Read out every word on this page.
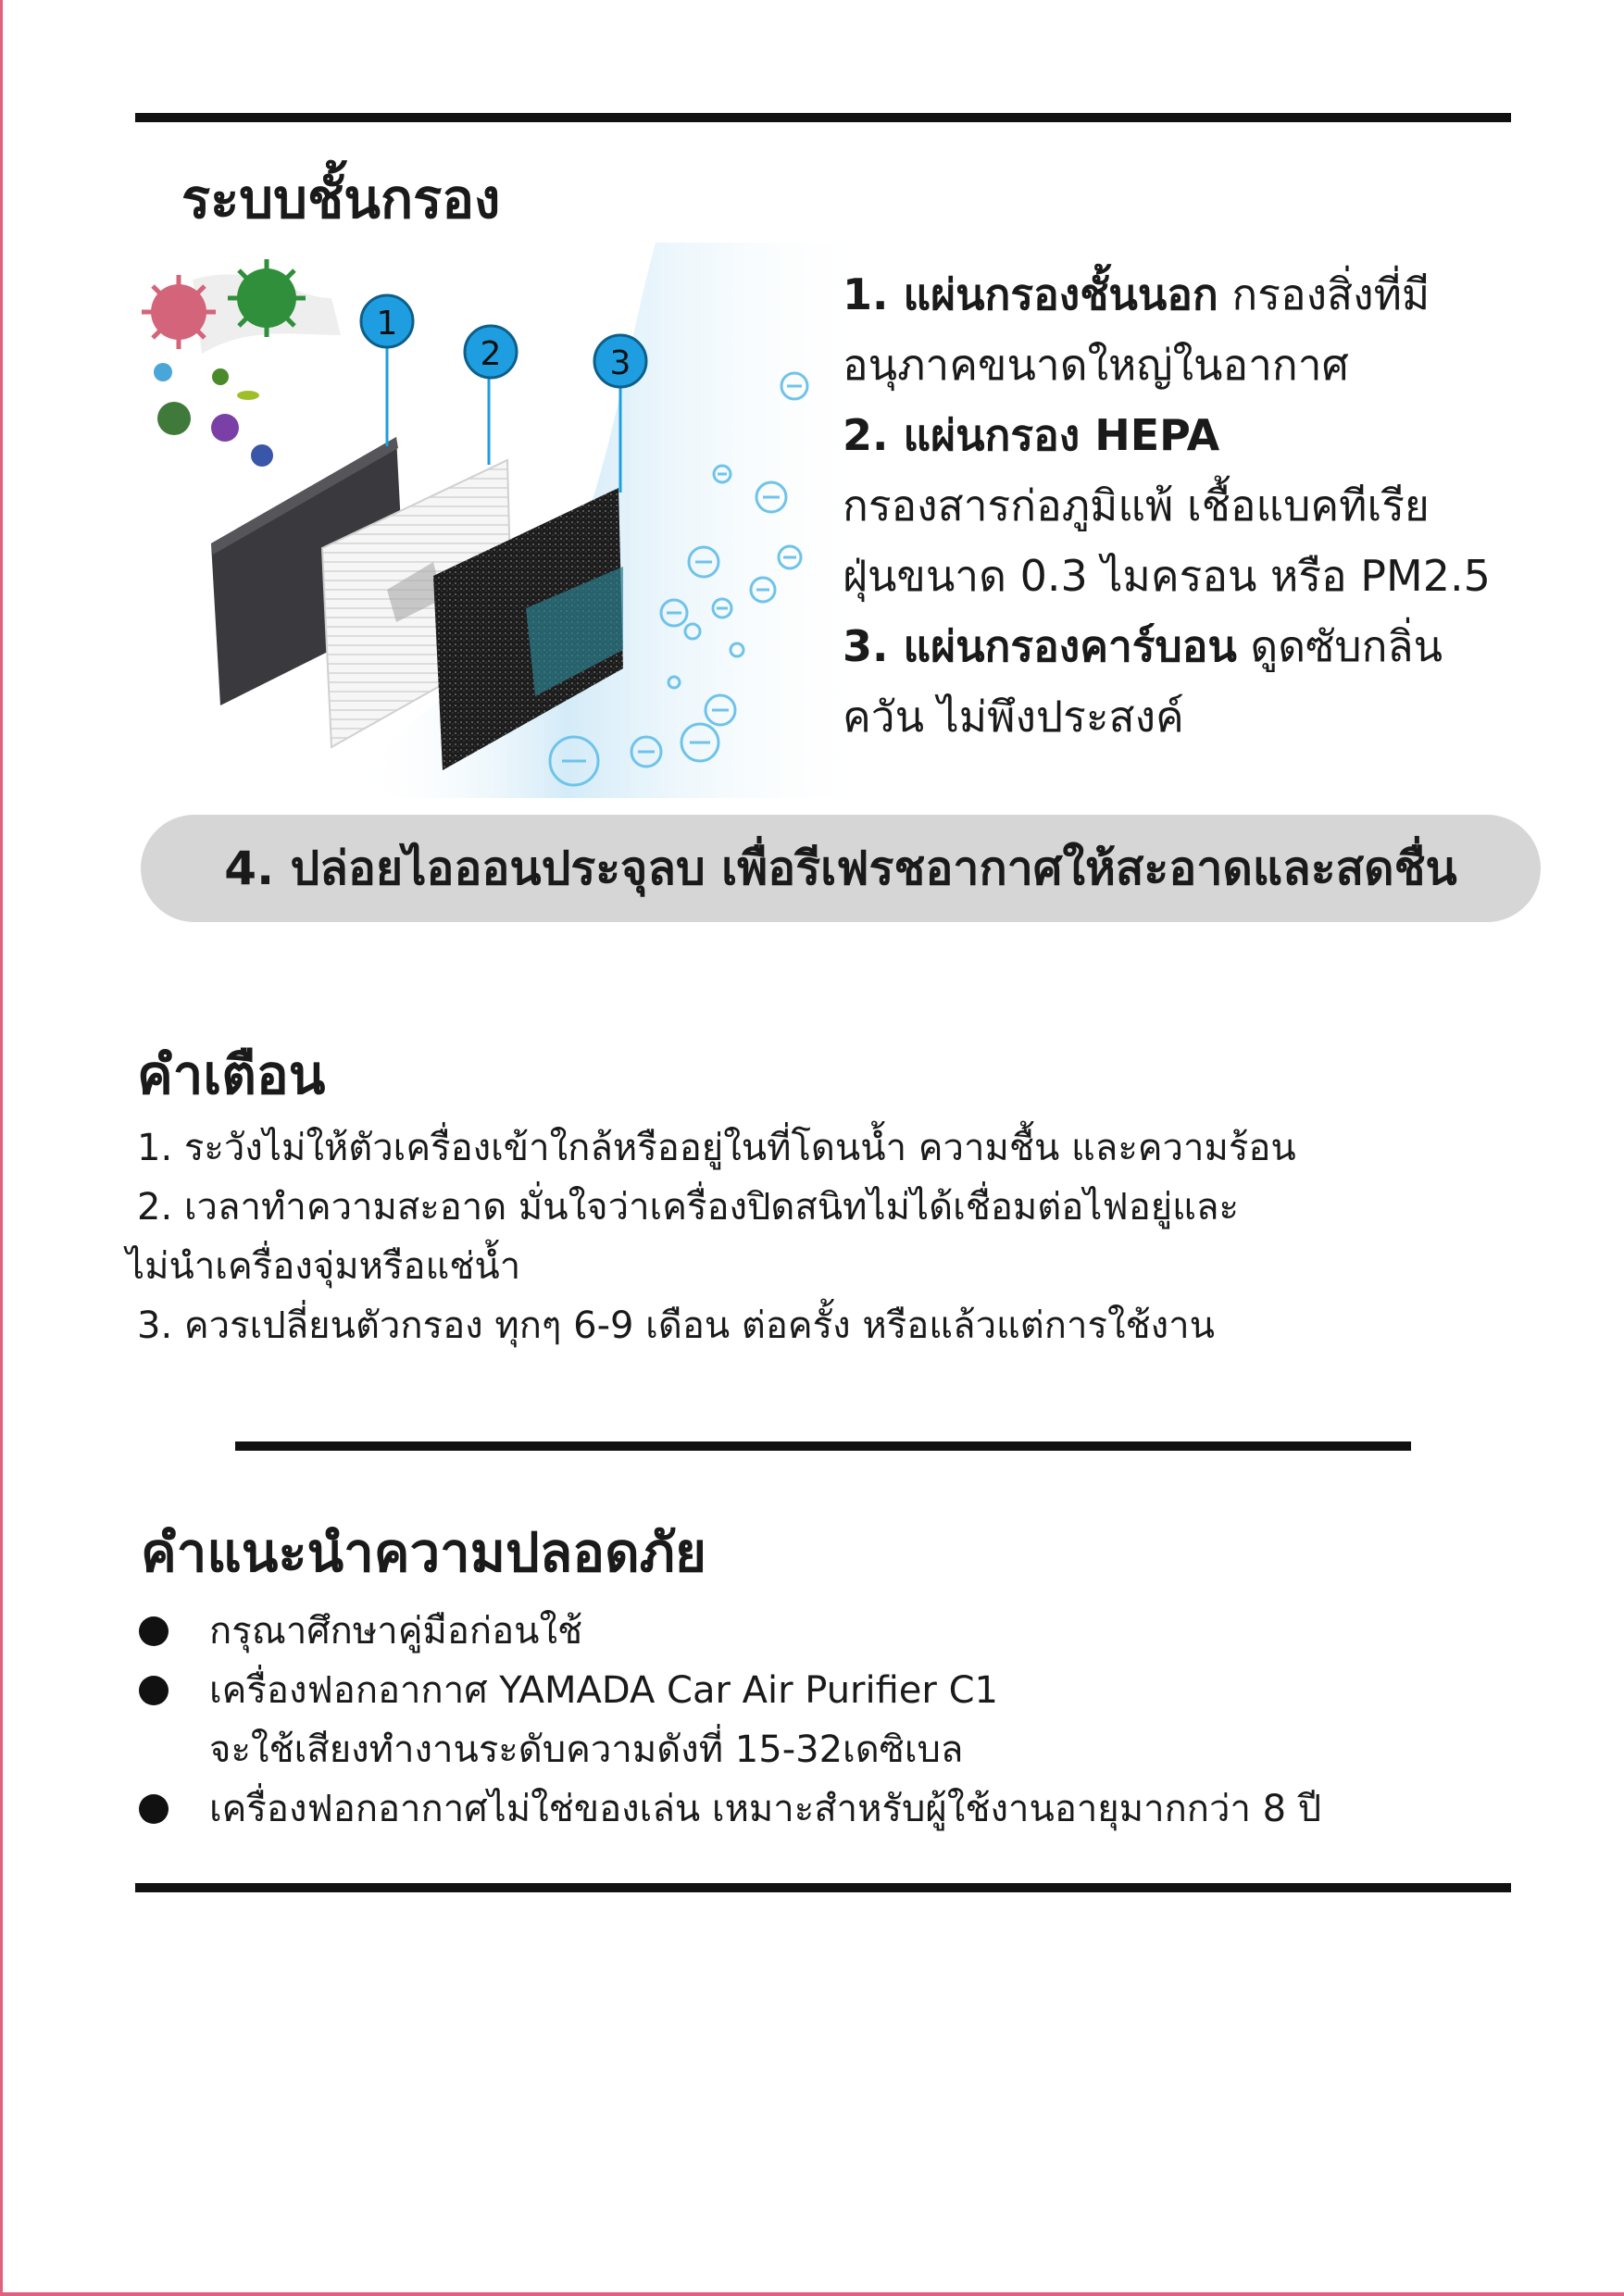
ระบบชั้นกรอง
1
2	3
1. แผ่นกรองชั้นนอก กรองสิ่งที่มี
อนุภาคขนาดใหญ่ในอากาศ
2. แผ่นกรอง HEPA
กรองสารก่อภูมิแพ้ เชื้อแบคทีเรีย
ฝุ่นขนาด 0.3 ไมครอน หรือ PM2.5
3. แผ่นกรองคาร์บอน ดูดซับกลิ่น
ควัน ไม่พึงประสงค์
4. ปล่อยไอออนประจุลบ เพื่อรีเฟรชอากาศให้สะอาดและสดชื่น
คำเตือน
1. ระวังไม่ให้ตัวเครื่องเข้าใกล้หรืออยู่ในที่โดนน้ำ ความชื้น และความร้อน
2. เวลาทำความสะอาด มั่นใจว่าเครื่องปิดสนิทไม่ได้เชื่อมต่อไฟอยู่และ
ไม่นำเครื่องจุ่มหรือแช่น้ำ
3. ควรเปลี่ยนตัวกรอง ทุกๆ 6-9 เดือน ต่อครั้ง หรือแล้วแต่การใช้งาน
คำแนะนำความปลอดภัย
กรุณาศึกษาคู่มือก่อนใช้
เครื่องฟอกอากาศ YAMADA Car Air Purifier C1
จะใช้เสียงทำงานระดับความดังที่ 15-32เดซิเบล
เครื่องฟอกอากาศไม่ใช่ของเล่น เหมาะสำหรับผู้ใช้งานอายุมากกว่า 8 ปี
